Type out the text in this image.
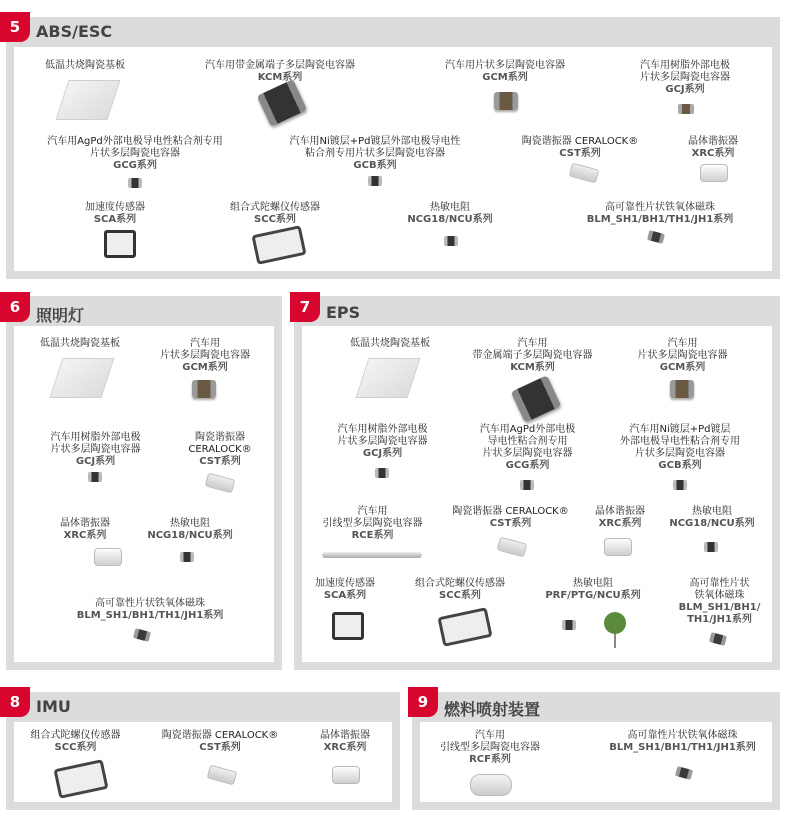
5 ABS/ESC
低温共烧陶瓷基板	汽车用带金属端子多层陶瓷电容器
KCM系列
汽车用片状多层陶瓷电容器
GCM系列
汽车用树脂外部电极
片状多层陶瓷电容器
GCJ系列
汽车用AgPd外部电极导电性粘合剂专用
片状多层陶瓷电容器
GCG系列
汽车用Ni镀层+Pd镀层外部电极导电性
粘合剂专用片状多层陶瓷电容器
GCB系列
陶瓷谐振器 CERALOCK®
CST系列
晶体谐振器
XRC系列
加速度传感器
SCA系列
组合式陀螺仪传感器
SCC系列
热敏电阻
NCG18/NCU系列
高可靠性片状铁氧体磁珠
BLM_SH1/BH1/TH1/JH1系列
6 照明灯
低温共烧陶瓷基板	汽车用
片状多层陶瓷电容器
GCM系列
汽车用树脂外部电极
片状多层陶瓷电容器
GCJ系列
陶瓷谐振器
CERALOCK®
CST系列
晶体谐振器
XRC系列
热敏电阻
NCG18/NCU系列
高可靠性片状铁氧体磁珠
BLM_SH1/BH1/TH1/JH1系列
7 EPS
低温共烧陶瓷基板	汽车用
带金属端子多层陶瓷电容器
KCM系列
汽车用
片状多层陶瓷电容器
GCM系列
汽车用树脂外部电极
片状多层陶瓷电容器
GCJ系列
汽车用AgPd外部电极
导电性粘合剂专用
片状多层陶瓷电容器
GCG系列
汽车用Ni镀层+Pd镀层
外部电极导电性粘合剂专用
片状多层陶瓷电容器
GCB系列
汽车用
引线型多层陶瓷电容器
RCE系列
陶瓷谐振器 CERALOCK®
CST系列
晶体谐振器
XRC系列
热敏电阻
NCG18/NCU系列
加速度传感器
SCA系列
组合式陀螺仪传感器
SCC系列
热敏电阻
PRF/PTG/NCU系列
高可靠性片状
铁氧体磁珠
BLM_SH1/BH1/
TH1/JH1系列
8 IMU
组合式陀螺仪传感器
SCC系列
陶瓷谐振器 CERALOCK®
CST系列
晶体谐振器
XRC系列
9 燃料喷射装置
汽车用
引线型多层陶瓷电容器
RCF系列
高可靠性片状铁氧体磁珠
BLM_SH1/BH1/TH1/JH1系列
